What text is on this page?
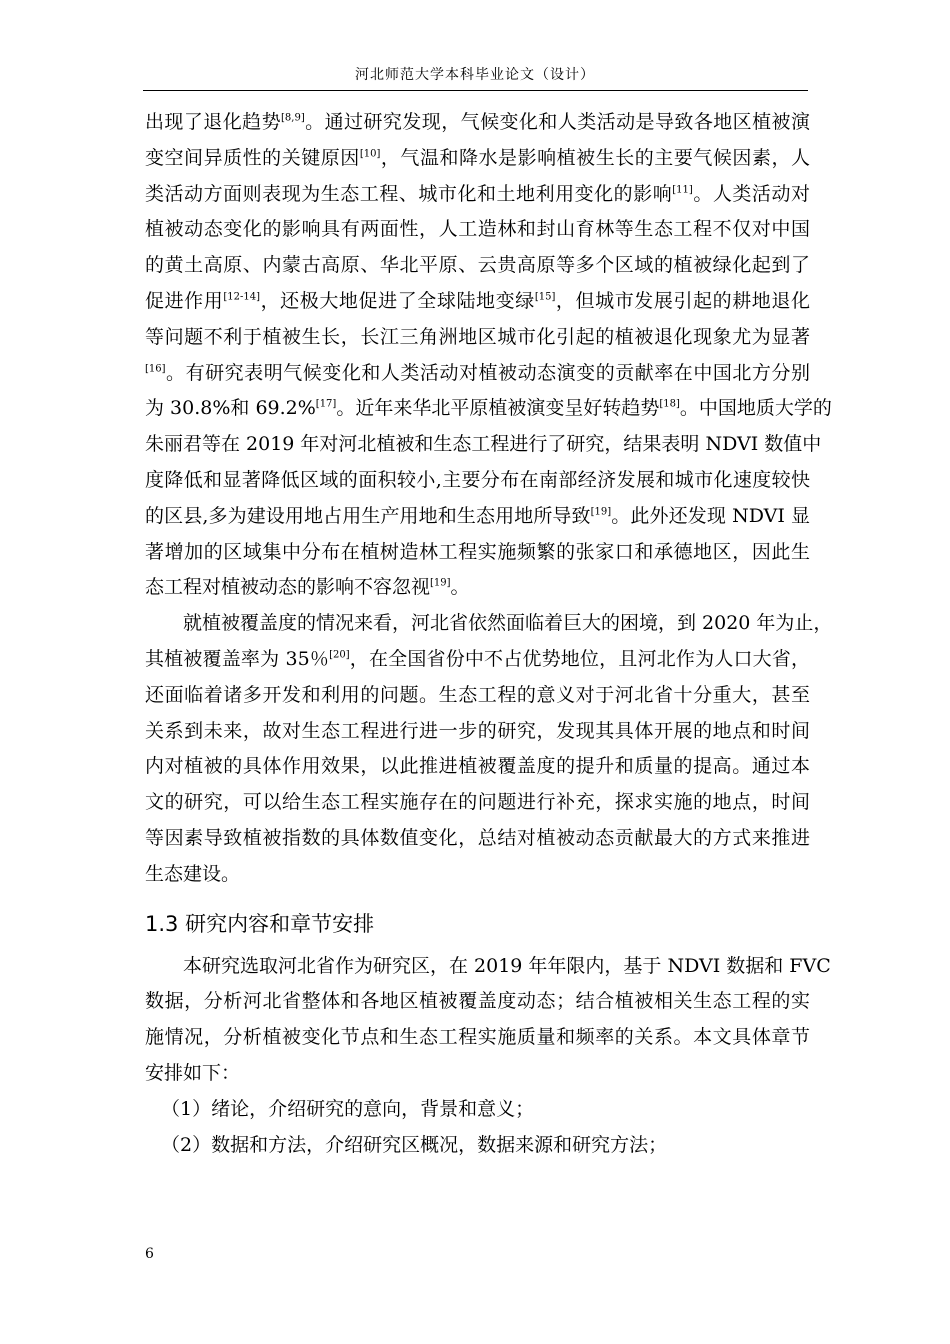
河北师范大学本科毕业论文（设计）
出现了退化趋势[8,9]。通过研究发现，气候变化和人类活动是导致各地区植被演
变空间异质性的关键原因[10]，气温和降水是影响植被生长的主要气候因素，人
类活动方面则表现为生态工程、城市化和土地利用变化的影响[11]。人类活动对
植被动态变化的影响具有两面性，人工造林和封山育林等生态工程不仅对中国
的黄土高原、内蒙古高原、华北平原、云贵高原等多个区域的植被绿化起到了
促进作用[12-14]，还极大地促进了全球陆地变绿[15]，但城市发展引起的耕地退化
等问题不利于植被生长，长江三角洲地区城市化引起的植被退化现象尤为显著
[16]。有研究表明气候变化和人类活动对植被动态演变的贡献率在中国北方分别
为 30.8%和 69.2%[17]。近年来华北平原植被演变呈好转趋势[18]。中国地质大学的
朱丽君等在 2019 年对河北植被和生态工程进行了研究，结果表明 NDVI 数值中
度降低和显著降低区域的面积较小,主要分布在南部经济发展和城市化速度较快
的区县,多为建设用地占用生产用地和生态用地所导致[19]。此外还发现 NDVI 显
著增加的区域集中分布在植树造林工程实施频繁的张家口和承德地区，因此生
态工程对植被动态的影响不容忽视[19]。
就植被覆盖度的情况来看，河北省依然面临着巨大的困境，到 2020 年为止，
其植被覆盖率为 35％[20]，在全国省份中不占优势地位，且河北作为人口大省，
还面临着诸多开发和利用的问题。生态工程的意义对于河北省十分重大，甚至
关系到未来，故对生态工程进行进一步的研究，发现其具体开展的地点和时间
内对植被的具体作用效果，以此推进植被覆盖度的提升和质量的提高。通过本
文的研究，可以给生态工程实施存在的问题进行补充，探求实施的地点，时间
等因素导致植被指数的具体数值变化，总结对植被动态贡献最大的方式来推进
生态建设。
1.3 研究内容和章节安排
本研究选取河北省作为研究区，在 2019 年年限内，基于 NDVI 数据和 FVC
数据，分析河北省整体和各地区植被覆盖度动态；结合植被相关生态工程的实
施情况，分析植被变化节点和生态工程实施质量和频率的关系。本文具体章节
安排如下：
（1）绪论，介绍研究的意向，背景和意义；
（2）数据和方法，介绍研究区概况，数据来源和研究方法；
6
